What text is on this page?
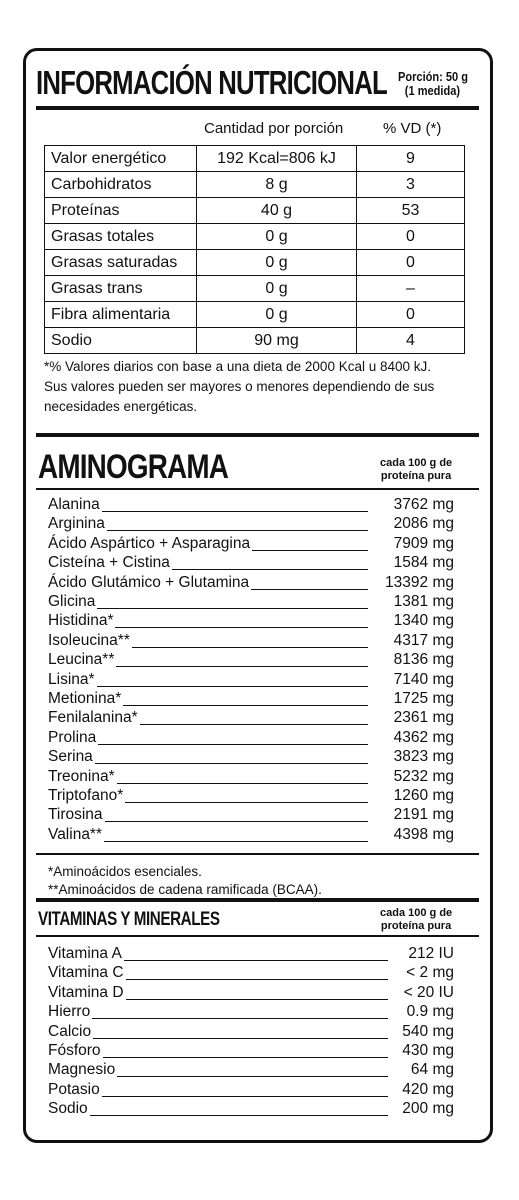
INFORMACIÓN NUTRICIONAL Porción: 50 g
(1 medida)
Cantidad por porción	% VD (*)
Valor energético	192 Kcal=806 kJ	9
Carbohidratos	8 g	3
Proteínas	40 g	53
Grasas totales	0 g	0
Grasas saturadas	0 g	0
Grasas trans	0 g	–
Fibra alimentaria	0 g	0
Sodio	90 mg	4
*% Valores diarios con base a una dieta de 2000 Kcal u 8400 kJ.
Sus valores pueden ser mayores o menores dependiendo de sus
necesidades energéticas.
AMINOGRAMA	cada 100 g de
proteína pura
Alanina	3762 mg
Arginina	2086 mg
Ácido Aspártico + Asparagina	7909 mg
Cisteína + Cistina	1584 mg
Ácido Glutámico + Glutamina	13392 mg
Glicina	1381 mg
Histidina*	1340 mg
Isoleucina**	4317 mg
Leucina**	8136 mg
Lisina*	7140 mg
Metionina*	1725 mg
Fenilalanina*	2361 mg
Prolina	4362 mg
Serina	3823 mg
Treonina*	5232 mg
Triptofano*	1260 mg
Tirosina	2191 mg
Valina**	4398 mg
*Aminoácidos esenciales.
**Aminoácidos de cadena ramificada (BCAA).
VITAMINAS Y MINERALES	cada 100 g de
proteína pura
Vitamina A	212 IU
Vitamina C	< 2 mg
Vitamina D	< 20 IU
Hierro	0.9 mg
Calcio	540 mg
Fósforo	430 mg
Magnesio	64 mg
Potasio	420 mg
Sodio	200 mg
